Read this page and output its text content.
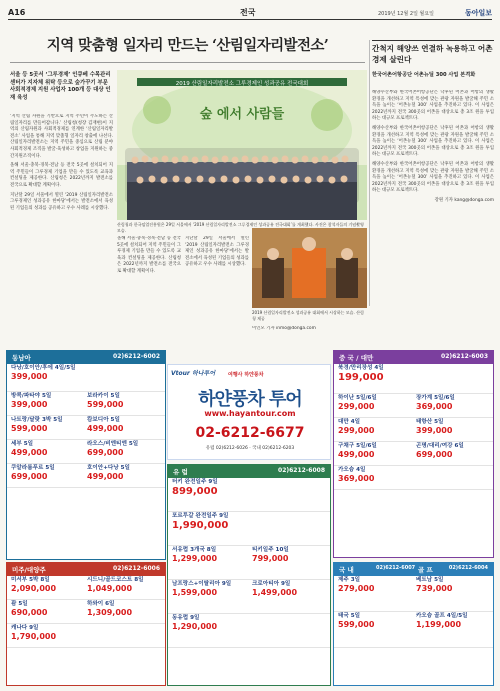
A16	전국	2019년 12월 2일 월요일	동아일보
지역 맞춤형 일자리 만드는 ‘산림일자리발전소’
서울 등 5곳서 ‘그루경제’ 인큐베 수목관리센터가 지자체 위탁 등으로 숲가꾸기 부문 사회적경제 지원 사업자 100개 등 대상 인재 육성

‘지역 산림 자원을 기반으로 지역 주민이 주도하는 산림일자리를 만들어갑니다.’ 산림청(청장 김재현)이 지역의 산림자원과 사회적경제를 연계한 ‘산림일자리발전소’ 사업을 통해 지역 맞춤형 일자리 창출에 나선다. 산림일자리발전소는 지역 주민을 중심으로 산림 분야 사회적경제 조직을 발굴·육성하고 창업을 지원하는 중간지원조직이다.

올해 서울·충북·경북·전남 등 전국 5곳에 설치되어 지역 주민들이 그루경제 기업을 만들 수 있도록 교육과 컨설팅을 제공한다. 산림청은 2022년까지 발전소를 전국으로 확대할 계획이다.

지난달 29일 서울에서 열린 ‘2019 산림일자리발전소 그루경제인 성과공유 한마당’에서는 발전소에서 육성된 기업들의 성과를 공유하고 우수 사례를 시상했다.

2019 산림일자리발전소 그루경제인 성과공유 전국대회
숲 에서 사람들
산림청과 한국임업진흥원은 29일 서울에서 ‘2019 산림일자리발전소 그루경제인 성과공유 전국대회’를 개최했다. 사진은 참석자들의 기념촬영 모습.

올해 서울·충북·경북·전남 등 전국 5곳에 설치되어 지역 주민들이 그루경제 기업을 만들 수 있도록 교육과 컨설팅을 제공한다. 산림청은 2022년까지 발전소를 전국으로 확대할 계획이다.

지난달 29일 서울에서 열린 ‘2019 산림일자리발전소 그루경제인 성과공유 한마당’에서는 발전소에서 육성된 기업들의 성과를 공유하고 우수 사례를 시상했다.

2019 산림일자리발전소 성과공유 대회에서 시상하는 모습. 산림청 제공

이인모 기자 inmo@donga.com

간척지 해양쓰 연결하 녹용하고 어촌 경제 살린다
한국어촌어항공단 어촌뉴딜 300 사업 본격화

해양수산부와 한국어촌어항공단은 낙후된 어촌과 어항의 생활 환경을 개선하고 지역 특성에 맞는 관광 자원을 발굴해 주민 소득을 높이는 ‘어촌뉴딜 300’ 사업을 추진하고 있다. 이 사업은 2022년까지 전국 300곳의 어촌을 대상으로 총 3조 원을 투입하는 대규모 프로젝트다.

해양수산부와 한국어촌어항공단은 낙후된 어촌과 어항의 생활 환경을 개선하고 지역 특성에 맞는 관광 자원을 발굴해 주민 소득을 높이는 ‘어촌뉴딜 300’ 사업을 추진하고 있다. 이 사업은 2022년까지 전국 300곳의 어촌을 대상으로 총 3조 원을 투입하는 대규모 프로젝트다.

해양수산부와 한국어촌어항공단은 낙후된 어촌과 어항의 생활 환경을 개선하고 지역 특성에 맞는 관광 자원을 발굴해 주민 소득을 높이는 ‘어촌뉴딜 300’ 사업을 추진하고 있다. 이 사업은 2022년까지 전국 300곳의 어촌을 대상으로 총 3조 원을 투입하는 대규모 프로젝트다.

강원 기자 kang@donga.com

동남아	02)6212-6002
다낭/호이안/후에 4일/5일
399,000
방콕/파타야 5일
399,000
보라카이 5일
599,000
나트랑/달랏 3박 5일
599,000
캄보디아 5일
499,000
세부 5일
499,000
라오스/비엔티엔 5일
699,000
쿠알라룸푸르 5일
699,000
호이안+다낭 5일
499,000
미주/대양주	02)6212-6006
미서부 5박 8일
2,090,000
시드니/골드코스트 8일
1,049,000
괌 5일
690,000
하와이 6일
1,309,000
캐나다 9일
1,790,000
Vtour 하나투어	여행사 하얀풍차
하얀풍차 투어
www.hayantour.com
02-6212-6677
유럽 02)6212-6026 · 국내 02)6212-6203
유 럽	02)6212-6008
터키 완전일주 9일
899,000
포르투갈 완전일주 9일
1,990,000
서유럽 3개국 8일
1,299,000
티키일주 10일
799,000
남프랑스+이탈리아 9일
1,599,000
크로아티아 9일
1,499,000
동유럽 9일
1,290,000
중 국 / 대만	02)6212-6003
북경/만리장성 4일
199,000
하이난 5일/6일
299,000
장가계 5일/6일
369,000
대만 4일
299,000
태항산 5일
399,000
구채구 5일/6일
499,000
곤명/대리/여강 6일
699,000
가오슝 4일
369,000
국 내	02)6212-6007 골 프	02)6212-6004
제주 3일
279,000
베트남 5일
739,000
태국 5일
599,000
카오슝 골프 4일/5일
1,199,000
